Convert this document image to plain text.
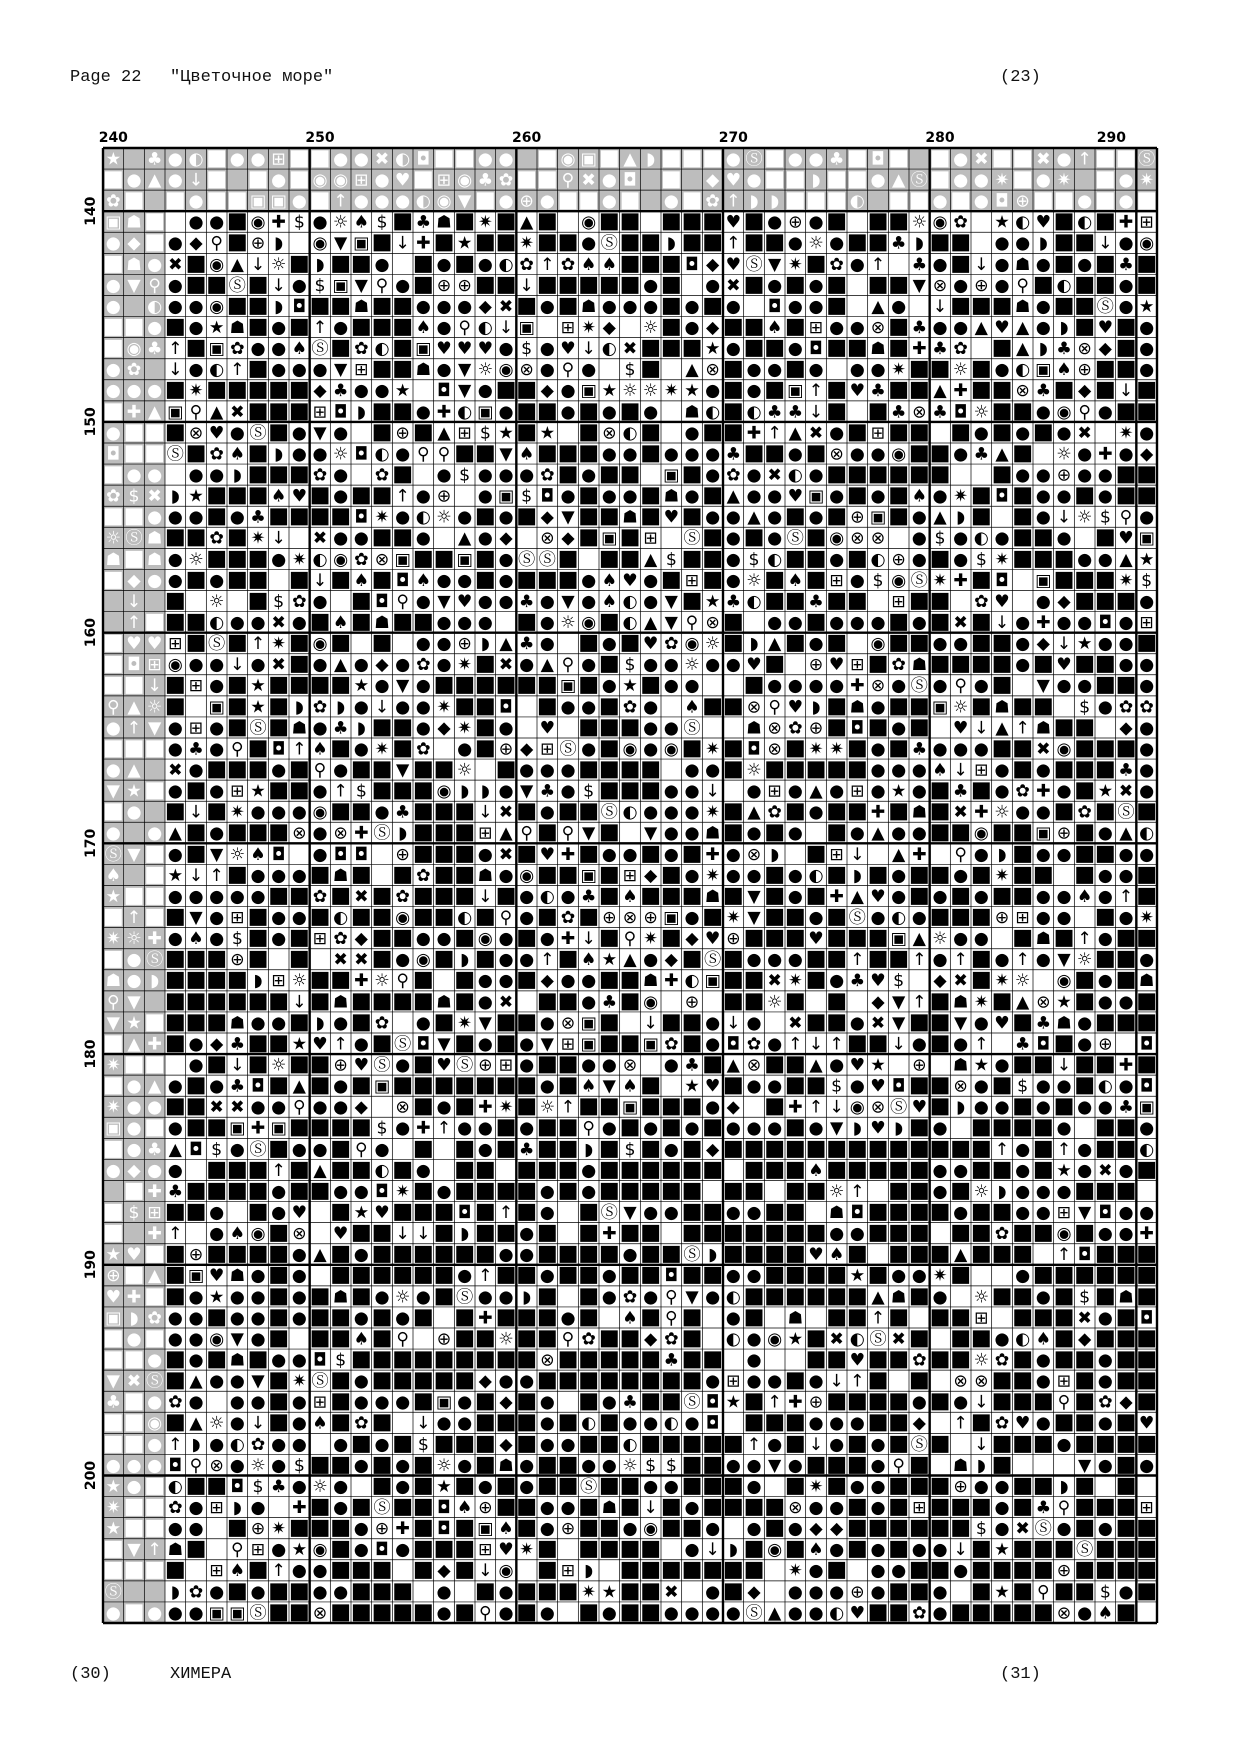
Page 22 "Цветочное море"	(23)
★ ♣ ● ◐ ■ ● ● ⊞ ■ ■ ● ● ✖ ◐ ◘ ■ ■ ● ● ■ ◉ ▣ ■ ▲ ◗ ■ ■ ■ ● Ⓢ ■ ● ● ♣ ■ ◘ ■ ■ ● ✖ ■ ■ ✖ ● ↑ ■ ■ Ⓢ
■ ● ▲ ● ↓ ■ ■ ● ■ ◉ ◉ ⊞ ● ♥ ■ ⊞ ◉ ♣ ✿ ■ ■ ⚲ ✖ ● ◘ ■ ◆ ♥ ● ■ ■ ◗ ■ ■ ● ▲ Ⓢ ■ ● ● ✷ ■ ● ✷ ■ ● ✷
✿ ■ ■ ● ■ ■ ▣ ▣ ● ■ ↑ ● ● ● ◐ ◉ ▼ ■ ● ⊕ ● ■ ■ ● ■ ● ■ ✿ ↑ ◗ ◗ ■ ■ ■ ◐ ■ ■ ● ■ ● ◘ ⊕ ■ ■ ● ■ ● ■
▣ ☗ ■ ● ● ■ ◉ ✚ $ ● ☼ ♠ $ ■ ♣ ☗ ■ ✷ ■ ▲ ■ ◉ ■ ■ ■ ■ ■ ♥ ■ ● ⊕ ● ■ ■ ■ ☼ ◉ ✿ ★ ◐ ♥ ■ ◐ ■ ✚ ⊞
● ◆ ■ ● ◆ ⚲ ■ ⊕ ◗ ◉ ▼ ▣ ■ ↓ ✚ ■ ★ ■ ■ ✷ ■ ■ ● Ⓢ ■ ■ ◗ ■ ■ ↑ ■ ■ ● ☼ ● ■ ■ ♣ ◗ ■ ■ ● ● ◗ ■ ■ ↓ ● ◉
■ ☗ ● ✖ ■ ◉ ▲ ↓ ☼ ■ ◗ ■ ■ ● ■ ● ■ ● ◐ ✿ ↑ ✿ ♠ ♠ ■ ■ ■ ◘ ◆ ♥ Ⓢ ▼ ✷ ■ ✿ ● ↑ ♣ ● ■ ↓ ● ☗ ● ■ ● ■ ♣ ■
● ▼ ⚲ ● ■ ■ Ⓢ ■ ↓ ● $ ▣ ▼ ⚲ ● ■ ⊕ ⊕ ■ ■ ↓ ■ ■ ■ ■ ■ ● ■ ● ✖ ■ ● ■ ● ■ ■ ■ ▼ ⊗ ● ⊕ ● ⚲ ■ ◐ ■ ■ ● ■
● ◐ ● ● ◉ ■ ■ ◗ ◘ ■ ■ ☗ ■ ■ ● ● ● ◆ ✖ ■ ● ■ ☗ ● ● ● ■ ● ■ ● ◘ ● ● ■ ▲ ● ↓ ■ ■ ■ ☗ ● ■ ■ Ⓢ ● ★
■ ■ ● ■ ● ★ ☗ ■ ● ■ ↑ ● ■ ■ ■ ♠ ● ⚲ ◐ ↓ ▣ ⊞ ✷ ◆ ☼ ■ ● ◆ ■ ■ ♠ ■ ⊞ ● ● ⊗ ■ ♣ ● ● ▲ ♥ ▲ ● ◗ ■ ♥ ■ ●
■ ◉ ♣ ↑ ■ ▣ ✿ ● ● ♠ Ⓢ ■ ✿ ◐ ■ ▣ ♥ ♥ ♥ ● $ ● ♥ ↓ ◐ ✖ ■ ■ ■ ★ ● ■ ■ ● ◘ ■ ■ ☗ ■ ✚ ♣ ✿ ■ ▲ ◗ ♣ ⊗ ◆ ■ ●
● ✿ ↓ ● ◐ ↑ ■ ● ● ● ▼ ⊞ ■ ■ ☗ ● ▼ ☼ ◉ ⊗ ● ⚲ ● $ ■ ▲ ⊗ ■ ● ● ■ ● ● ● ✷ ■ ■ ☼ ■ ● ◐ ▣ ♠ ⊕ ■ ■ ●
● ● ● ■ ✷ ■ ■ ■ ■ ■ ◆ ♣ ● ● ★ ◘ ▼ ● ■ ■ ◆ ● ▣ ★ ☼ ☼ ✷ ★ ● ■ ● ■ ▣ ↑ ■ ♥ ♣ ■ ■ ▲ ✚ ■ ■ ⊗ ♣ ■ ◆ ■ ↓ ■
■ ✚ ▲ ▣ ⚲ ▲ ✖ ■ ■ ■ ⊞ ◘ ◗ ■ ■ ● ✚ ◐ ▣ ● ■ ■ ● ■ ● ■ ● ☗ ◐ ■ ◐ ♣ ♣ ↓ ■ ■ ♣ ⊗ ♣ ◘ ☼ ■ ■ ● ◉ ⚲ ● ■ ■
● ■ ■ ■ ⊗ ♥ ● Ⓢ ■ ● ▼ ● ■ ⊕ ■ ▲ ⊞ $ ★ ■ ★ ■ ⊗ ◐ ■ ● ■ ■ ✚ ↑ ▲ ✖ ● ■ ⊞ ■ ■ ■ ● ■ ● ■ ● ✖ ✷ ●
◘ ■ ■ Ⓢ ■ ✿ ♠ ■ ◗ ● ● ☼ ◘ ◐ ● ⚲ ⚲ ■ ■ ▼ ♠ ■ ■ ■ ● ● ■ ● ● ● ♣ ■ ■ ● ■ ⊗ ● ● ◉ ■ ■ ● ♣ ▲ ■ ☼ ● ✚ ● ◆
■ ● ● ● ● ◗ ■ ■ ■ ✿ ● ✿ ■ ● $ ● ● ● ✿ ■ ● ■ ■ ▣ ■ ● ✿ ● ✖ ◐ ● ■ ■ ■ ■ ■ ■ ■ ● ● ⊕ ● ● ■ ■
✿ $ ✖ ◗ ★ ■ ■ ■ ♠ ♥ ■ ● ■ ■ ↑ ● ⊕ ● ▣ $ ◘ ● ■ ● ● ■ ☗ ● ■ ▲ ● ● ♥ ▣ ● ■ ● ■ ♠ ● ✷ ■ ◘ ■ ● ● ■ ● ■ ■
■ ■ ● ● ● ■ ● ♣ ■ ■ ■ ■ ◘ ✷ ● ◐ ☼ ● ■ ● ■ ◆ ▼ ■ ■ ☗ ■ ♥ ■ ● ● ▲ ● ■ ● ■ ⊕ ▣ ■ ● ▲ ◗ ■ ■ ● ↓ ☼ $ ⚲ ●
☼ Ⓢ ☗ ■ ■ ✿ ■ ✷ ↓ ✖ ● ● ■ ■ ● ▲ ● ◆ ⊗ ◆ ■ ▣ ■ ⊞ Ⓢ ■ ● ■ ● Ⓢ ■ ◉ ⊗ ⊗ ● $ ● ◐ ● ■ ■ ● ■ ♥ ▣
☗ ■ ☗ ● ☼ ■ ■ ■ ● ✷ ◐ ◉ ✿ ⊗ ▣ ■ ■ ▣ ■ ● Ⓢ Ⓢ ■ ■ ■ ▲ $ ■ ■ ● $ ◐ ■ ■ ● ■ ◐ ⊕ ● ■ ● $ ✷ ■ ■ ■ ● ● ▲ ★
■ ◆ ● ● ■ ● ■ ■ ■ ↓ ■ ♠ ■ ◘ ♠ ● ● ■ ● ■ ■ ■ ● ♠ ♥ ● ■ ⊞ ■ ● ☼ ■ ♠ ■ ⊞ ● $ ◉ Ⓢ ✷ ✚ ■ ◘ ▣ ■ ■ ■ ✷ $
↓ ■ ☼ ■ $ ✿ ● ■ ◘ ⚲ ● ▼ ♥ ● ● ♣ ● ▼ ● ♠ ◐ ● ▼ ■ ★ ♣ ◐ ■ ■ ♣ ■ ■ ⊞ ■ ■ ✿ ♥ ● ◆ ■ ■ ■ ●
↑ ■ ■ ■ ◐ ● ● ✖ ● ■ ♠ ■ ☗ ■ ■ ● ● ● ■ ● ☼ ◉ ■ ◐ ▲ ▼ ⚲ ⊗ ■ ● ● ■ ● ● ● ■ ● ■ ✖ ■ ↓ ● ✚ ● ● ◘ ● ⊞
■ ♥ ♥ ⊞ ■ Ⓢ ■ ↑ ✷ ■ ◉ ■ ■ ● ● ⊕ ◗ ▲ ♣ ● ■ ● ■ ♥ ✿ ◉ ☼ ■ ◗ ▲ ■ ● ■ ◉ ■ ■ ● ● ■ ■ ● ◆ ↓ ★ ● ● ■
■ ◘ ⊞ ◉ ● ● ↓ ● ✖ ■ ● ▲ ● ◆ ● ✿ ● ✷ ■ ✖ ● ▲ ⚲ ● ■ $ ● ● ☼ ● ● ♥ ■ ⊕ ♥ ⊞ ■ ✿ ☗ ■ ■ ■ ■ ● ■ ♥ ■ ■ ● ●
■ ■ ↓ ■ ⊞ ● ■ ★ ■ ■ ■ ■ ★ ● ▼ ● ■ ■ ■ ■ ■ ■ ▣ ■ ● ★ ■ ● ● ■ ● ● ● ● ✚ ⊗ ● Ⓢ ● ⚲ ● ■ ▼ ● ● ■ ■ ●
⚲ ▲ ☼ ■ ▣ ■ ★ ■ ◗ ✿ ◗ ● ↓ ● ● ✷ ■ ■ ◘ ■ ● ● ■ ✿ ● ♠ ■ ■ ⊗ ⚲ ♥ ◗ ■ ☗ ● ■ ■ ▣ ☼ ■ ☗ ■ ■ $ ● ✿ ✿
● ↑ ▼ ● ⊞ ● ■ Ⓢ ■ ☗ ● ♣ ◗ ■ ■ ● ◆ ✷ ■ ● ♥ ■ ■ ■ ● ● Ⓢ	☗ ⊗ ✿ ⊕ ■ ◘ ■ ● ■ ♥ ↓ ▲ ↑ ☗ ■ ■ ◆ ●
■ ■ ■ ● ♣ ● ⚲ ■ ◘ ↑ ♠ ■ ● ✷ ■ ✿ ● ■ ⊕ ◆ ⊞ Ⓢ ● ■ ◉ ● ◉ ■ ✷ ■ ◘ ⊗ ■ ✷ ✷ ■ ● ■ ♣ ● ● ● ■ ■ ✖ ◉ ■ ■ ■ ●
● ▲ ✖ ● ■ ■ ■ ● ■ ⚲ ● ■ ■ ▼ ■ ■ ☼ ■ ● ● ● ■ ■ ■ ■ ● ● ■ ☼ ■ ■ ■ ■ ■ ● ● ● ♠ ↓ ⊞ ● ■ ● ■ ■ ■ ♣ ●
▼ ★ ■ ● ■ ● ⊞ ★ ■ ■ ● ↑ $ ■ ■ ■ ◉ ◗ ◗ ● ▼ ♣ ● $ ■ ■ ■ ● ● ↓ ● ⊞ ● ▲ ● ⊞ ● ★ ● ■ ♣ ■ ● ✿ ✚ ● ■ ★ ✖ ●
■ ● ■ ↓ ■ ✷ ● ● ● ◉ ■ ■ ● ♣ ■ ■ ■ ↓ ✖ ■ ● ■ ■ Ⓢ ◐ ● ● ● ✷ ■ ▲ ✿ ■ ● ■ ■ ✚ ■ ☗ ■ ✖ ✚ ☼ ● ● ■ ✿ ■ Ⓢ ■
● ● ▲ ■ ● ■ ■ ■ ⊗ ● ⊗ ✚ Ⓢ ◗ ■ ■ ■ ⊞ ▲ ⚲ ■ ⚲ ▼ ■ ▼ ● ● ☗ ■ ● ■ ● ■ ● ▲ ● ● ■ ■ ◉ ■ ■ ▣ ⊕ ■ ● ▲ ◐
Ⓢ ▼ ■ ● ■ ▼ ☼ ♠ ◘ ● ◘ ◘ ⊕ ■ ■ ■ ● ✖ ■ ♥ ✚ ■ ● ● ■ ● ■ ✚ ● ⊗ ◗ ■ ⊞ ↓ ▲ ✚ ⚲ ● ◗ ■ ● ● ■ ■ ● ●
♠ ■ ★ ↓ ↑ ■ ● ● ● ■ ☗ ■ ■ ✿ ■ ■ ☗ ● ◉ ■ ■ ▣ ■ ⊞ ◆ ■ ● ✷ ● ● ■ ● ◐ ■ ◗ ■ ● ■ ■ ● ■ ✷ ■ ■ ■ ● ● ■
★ ■ ■ ● ● ● ● ● ■ ■ ✿ ■ ✖ ■ ✿ ■ ■ ■ ↓ ■ ● ◐ ● ♣ ■ ♠ ■ ■ ■ ☗ ■ ▼ ■ ● ■ ✚ ▲ ♥ ● ■ ● ■ ● ■ ■ ● ● ♠ ● ↑ ■
■ ↑ ■ ■ ▼ ● ⊞ ■ ● ● ■ ◐ ■ ■ ◉ ■ ■ ◐ ■ ⚲ ● ■ ✿ ■ ⊕ ⊗ ⊕ ▣ ● ■ ✷ ▼ ■ ■ ● ■ Ⓢ ● ◐ ● ■ ■ ■ ⊕ ⊞ ● ● ■ ● ✷
✷ ☼ ✚ ● ♠ ● $ ■ ● ■ ⊞ ✿ ◆ ■ ■ ● ● ■ ◉ ● ■ ● ✚ ↓ ■ ⚲ ✷ ■ ◆ ♥ ⊕ ■ ■ ■ ♥ ■ ■ ■ ▣ ▲ ☼ ● ● ■ ☗ ■ ↑ ● ■ ■
■ ● Ⓢ ■ ■ ■ ⊕ ■ ■ ✖ ✖ ■ ● ◉ ■ ◗ ■ ● ● ↑ ■ ♠ ★ ▲ ● ◆ ■ Ⓢ ■ ● ● ● ■ ■ ↑ ■ ■ ↑ ● ↑ ■ ● ↑ ● ▼ ☼ ■ ■ ●
☗ ● ◗ ■ ■ ■ ■ ◗ ⊞ ☼ ■ ■ ✚ ☼ ⚲ ■ ■ ● ● ■ ◆ ● ● ■ ■ ☗ ✚ ◐ ▣ ■ ■ ✖ ✷ ■ ● ♣ ♥ $ ◆ ✖ ■ ✷ ☼ ◉ ■ ● ■ ☗
⚲ ▼ ■ ■ ■ ■ ■ ■ ↓ ■ ☗ ■ ■ ■ ■ ☗ ■ ● ✖ ■ ■ ● ♣ ■ ◉ ⊕ ■ ■ ☼ ■ ■ ◆ ▼ ↑ ■ ☗ ✷ ■ ▲ ⊗ ★ ■ ● ● ■
▼ ★ ■ ■ ■ ■ ☗ ● ● ■ ◗ ● ■ ✿ ● ■ ✷ ▼ ■ ■ ● ⊗ ▣ ■ ↓ ■ ■ ● ↓ ● ✖ ■ ■ ● ✖ ▼ ■ ■ ▼ ● ♥ ■ ♣ ☗ ● ■ ■ ■
■ ▲ ✚ ■ ● ◆ ♣ ■ ■ ★ ♥ ↑ ● ■ Ⓢ ◘ ▼ ■ ● ■ ● ▼ ⊞ ▣ ■ ■ ▣ ✿ ■ ● ◘ ✿ ● ↑ ↓ ↑ ■ ■ ↓ ● ■ ● ↑ ♣ ◘ ■ ● ⊕ ◘
✷ ■ ■ ● ■ ↓ ■ ☼ ■ ■ ⊕ ♥ Ⓢ ● ■ ♥ Ⓢ ⊕ ⊞ ● ■ ■ ● ● ⊗ ● ♣ ■ ▲ ⊗ ■ ■ ▲ ● ♥ ★ ⊕ ☗ ★ ● ■ ■ ↓ ■ ■ ✚ ■
■ ● ▲ ● ■ ● ♣ ◘ ■ ▲ ■ ● ■ ▣ ■ ■ ■ ■ ■ ■ ■ ● ■ ♠ ▼ ♠ ■ ★ ♥ ■ ● ● ■ ■ $ ● ♥ ◘ ■ ■ ⊗ ● ■ $ ● ● ■ ◐ ● ◘
✷ ● ● ■ ■ ✖ ✖ ● ● ⚲ ● ● ◆ ⊗ ■ ● ■ ✚ ✷ ■ ☼ ↑ ■ ■ ▣ ■ ■ ■ ● ◆ ■ ✚ ↑ ↓ ◉ ⊗ Ⓢ ♥ ■ ◗ ● ● ■ ● ■ ● ● ♣ ▣
▣ ● ■ ● ■ ■ ▣ ✚ ▣ ■ ■ ■ ■ $ ● ✚ ↑ ● ● ■ ● ■ ■ ⚲ ● ■ ● ■ ● ■ ● ● ● ■ ● ▼ ◗ ♥ ◗ ■ ● ■ ■ ■ ■ ● ■ ■ ●
■ ● ♣ ▲ ◘ $ ● Ⓢ ■ ● ● ■ ⚲ ● ■ ■ ● ■ ♣ ■ ■ ◗ ■ $ ■ ● ■ ◆ ■ ■ ■ ■ ■ ■ ■ ■ ■ ■ ■ ■ ■ ↑ ● ■ ↑ ● ■ ■ ◐
● ◆ ● ● ■ ■ ■ ↑ ■ ▲ ■ ■ ◐ ■ ● ■ ■ ■ ■ ■ ● ■ ■ ■ ■ ■ ■ ■ ■ ■ ♠ ■ ■ ■ ■ ■ ● ● ■ ■ ● ■ ★ ● ✖ ● ■
■ ✚ ♣ ■ ■ ■ ■ ● ■ ■ ● ● ◘ ✷ ■ ● ■ ■ ■ ■ ● ■ ● ■ ■ ■ ■ ■ ■ ■ ■ ■ ☼ ↑ ■ ■ ● ■ ☼ ◗ ● ● ● ■ ■ ■
■ $ ⊞ ■ ■ ● ■ ● ♥ ■ ★ ♥ ■ ■ ■ ◘ ■ ↑ ■ ● ■ Ⓢ ▼ ● ● ■ ■ ● ● ■ ■ ☗ ◘ ■ ■ ■ ■ ● ■ ■ ● ● ⊞ ▼ ◘ ● ●
■ ✚ ↑ ● ♠ ◉ ■ ⊗ ♥ ■ ■ ↓ ↓ ■ ◗ ■ ■ ● ■ ■ ✚ ■ ■ ■ ■ ■ ■ ■ ■ ■ ● ● ■ ■ ■ ■ ■ ✿ ■ ■ ◉ ■ ● ● ✚
★ ♥ ■ ■ ⊕ ■ ■ ■ ■ ● ▲ ■ ● ■ ■ ■ ■ ■ ■ ● ● ■ ■ ■ ■ ● ■ ■ Ⓢ ◗ ■ ■ ■ ■ ♥ ♠ ■ ■ ■ ■ ▲ ■ ■ ■ ↑ ◘ ■ ■ ■
⊕ ■ ▲ ■ ▣ ♥ ☗ ● ■ ● ■ ■ ■ ■ ■ ■ ● ↑ ■ ■ ● ■ ■ ● ■ ■ ◘ ■ ■ ● ● ■ ■ ■ ■ ★ ■ ● ● ✷ ■	● ■ ■ ■ ■ ■ ■
♥ ✚ ■ ■ ● ★ ● ● ■ ● ■ ☗ ■ ● ☼ ● ■ Ⓢ ● ● ◗ ■ ■ ● ✿ ● ⚲ ▼ ● ◐ ■ ■ ■ ■ ■ ■ ▲ ☗ ■ ● ☼ ■ ■ ● ■ $ ■ ☗ ■
▣ ◗ ✿ ● ● ■ ● ● ■ ● ■ ■ ● ■ ● ■ ■ ✚ ■ ■ ■ ● ■ ♠ ■ ⚲ ■ ● ■ ☗ ■ ■ ↑ ■ ■ ■ ⊞ ■ ■ ■ ✖ ● ■ ◘
■ ● ■ ● ● ◉ ▼ ● ■ ■ ■ ♠ ■ ⚲ ⊕ ■ ■ ☼ ■ ■ ⚲ ✿ ■ ■ ◆ ✿ ■ ◐ ● ◉ ★ ■ ✖ ◐ Ⓢ ✖ ■ ■ ■ ● ◐ ♠ ■ ◆ ■ ■ ■
■ ■ ● ■ ● ■ ☗ ■ ● ● ◘ $ ■ ■ ■ ■ ■ ■ ■ ■ ■ ⊗ ■ ■ ■ ■ ■ ♣ ■ ■ ● ■ ■ ♥ ■ ■ ✿ ■ ■ ☼ ✿ ■ ● ■ ■ ● ■ ■
▼ ✖ Ⓢ ■ ▲ ● ● ▼ ■ ✷ Ⓢ ■ ● ■ ■ ■ ■ ■ ◆ ● ● ■ ■ ■ ■ ■ ■ ■ ■ ● ⊞ ● ● ■ ● ↓ ↑ ■ ■ ⊗ ⊗ ■ ■ ● ⊞ ■ ● ■ ■
♣ ■ ● ✿ ● ● ● ■ ● ⊞ ■ ● ● ● ■ ▣ ● ■ ◆ ■ ● ■ ● ♣ ■ ■ Ⓢ ◘ ★ ■ ↑ ✚ ⊕ ■ ■ ■ ■ ● ■ ● ↓ ■ ■ ■ ⚲ ■ ✿ ◆ ■
■ ■ ◉ ■ ▲ ☼ ● ↓ ■ ● ♠ ■ ✿ ■ ↓ ● ● ■ ■ ■ ● ■ ◐ ■ ● ● ◐ ● ◘ ■ ■ ■ ● ● ● ■ ■ ◆ ↑ ■ ✿ ♥ ● ■ ■ ● ■ ♥
■ ■ ● ↑ ◗ ● ◐ ✿ ● ● ● ■ ● ■ $ ■ ■ ■ ◆ ■ ● ● ■ ■ ◐ ■ ■ ■ ■ ■ ↑ ● ■ ↓ ● ■ ● ■ Ⓢ ■ ↓ ■ ■ ■ ● ■ ■ ■ ■
● ● ● ◘ ⚲ ⊗ ● ☼ ● $ ■ ■ ● ■ ● ■ ☼ ● ■ ☗ ● ■ ■ ● ● ☼ $ $ ■ ■ ● ● ▼ ● ■ ■ ■ ● ⚲ ■ ☗ ◗ ■	▼ ● ■ ●
★ ● ■ ◐ ■ ■ ◘ $ ♣ ● ☼ ● ■ ● ■ ★ ■ ● ■ ● ■ ■ Ⓢ ■ ■ ● ● ■ ■ ■ ● ■ ✷ ■ ● ● ■ ■ ■ ⊕ ● ● ■ ■ ◗ ■ ■
✷ ■ ■ ✿ ● ⊞ ◗ ● ✚ ■ ● ■ Ⓢ ■ ■ ◘ ♠ ⊕ ■ ■ ● ● ■ ☗ ■ ↓ ■ ● ■ ■ ■ ■ ⊗ ● ● ■ ● ■ ⊞ ■ ■ ■ ● ■ ♣ ⚲ ■ ■ ■ ⊞
★ ■ ■ ● ● ■ ⊕ ✷ ■ ■ ■ ● ⊕ ✚ ■ ◘ ■ ▣ ♠ ■ ● ⊕ ■ ■ ● ◉ ■ ■ ● ● ■ ● ◆ ◆ ■ ■ ■ ■ ■ ■ $ ● ✖ Ⓢ ● ■ ● ■ ■
■ ▼ ↑ ☗ ■ ⚲ ⊞ ● ★ ◉ ■ ● ◘ ● ■ ■ ■ ⊞ ♥ ✷ ■ ■ ■ ■ ■ ● ↓ ◗ ■ ◉ ■ ♠ ● ■ ● ■ ● ● ↓ ■ ★ ■ ■ ■ Ⓢ ■ ■ ■
■ ■ ■ ■ ⊞ ♠ ■ ↑ ● ● ■ ■ ■ ■ ◆ ■ ↓ ◉ ■ ⊞ ◗ ■ ■ ■ ■ ■ ■ ■ ✷ ● ■ ● ● ■ ■ ● ■ ■ ■ ■ ⊕ ■ ■ ■ ■
Ⓢ	◗ ✿ ● ■ ● ■ ■ ● ● ■ ■ ■ ● ■ ● ■ ■ ■ ✷ ★ ■ ■ ✖ ● ■ ◆ ● ● ● ⊕ ● ■ ■ ● ■ ★ ■ ⚲ ■ ■ $ ● ■
● ■ ● ● ● ▣ ▣ Ⓢ ■ ■ ⊗ ■ ■ ■ ■ ■ ● ■ ⚲ ● ■ ● ■ ● ■ ■ ● ● ● ● Ⓢ ▲ ● ● ◐ ♥ ■ ■ ✿ ● ■ ■ ■ ■ ■ ⊗ ● ♠ ■
240	250	260	270	280	290
140
150
160
170
180
190
200
(30)	ХИМЕРА	(31)
